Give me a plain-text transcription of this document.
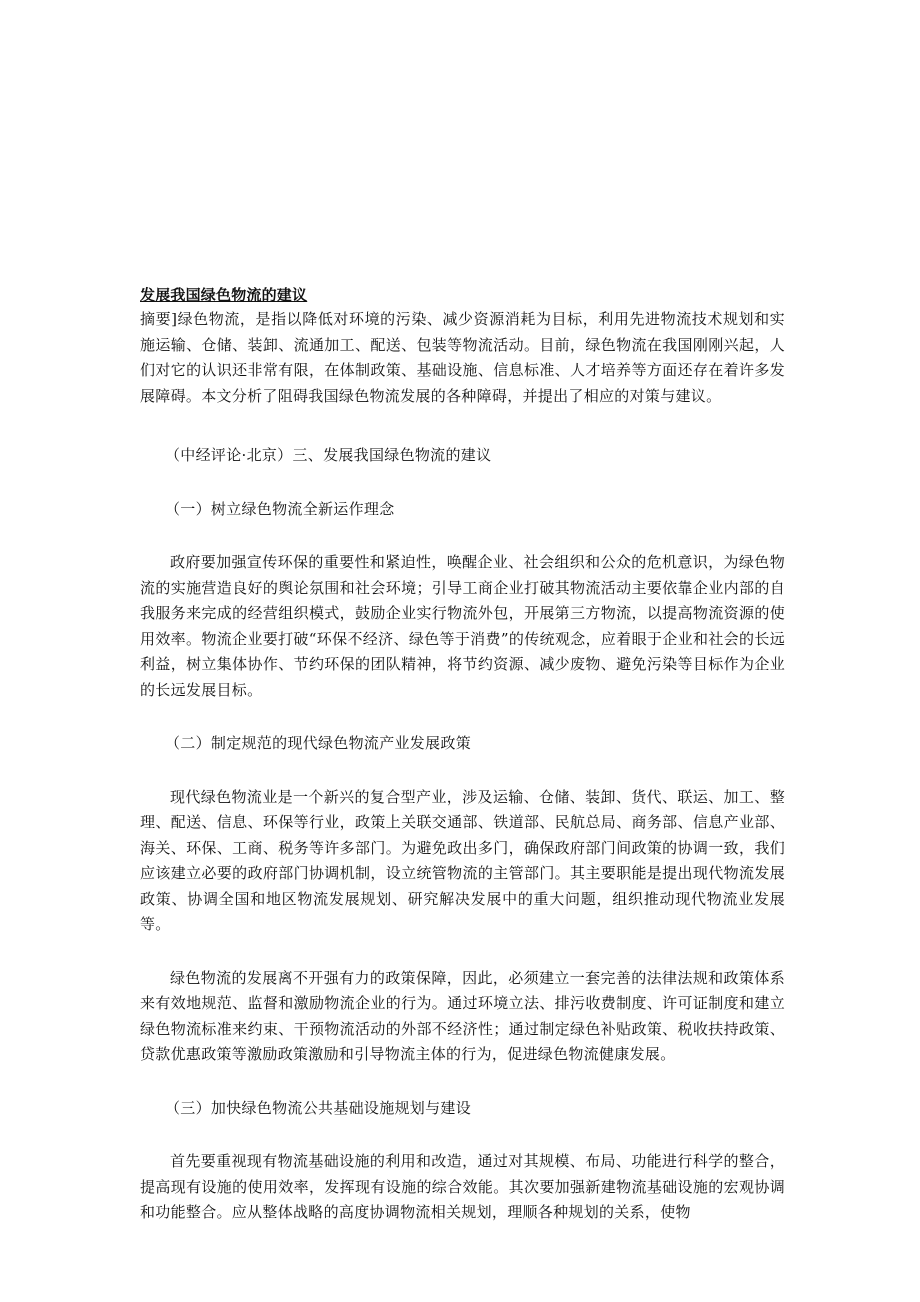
发展我国绿色物流的建议

摘要]绿色物流，是指以降低对环境的污染、减少资源消耗为目标，利用先进物流技术规划和实施运输、仓储、装卸、流通加工、配送、包装等物流活动。目前，绿色物流在我国刚刚兴起，人们对它的认识还非常有限，在体制政策、基础设施、信息标准、人才培养等方面还存在着许多发展障碍。本文分析了阻碍我国绿色物流发展的各种障碍，并提出了相应的对策与建议。

（中经评论·北京）三、发展我国绿色物流的建议

（一）树立绿色物流全新运作理念

政府要加强宣传环保的重要性和紧迫性，唤醒企业、社会组织和公众的危机意识，为绿色物流的实施营造良好的舆论氛围和社会环境；引导工商企业打破其物流活动主要依靠企业内部的自我服务来完成的经营组织模式，鼓励企业实行物流外包，开展第三方物流，以提高物流资源的使用效率。物流企业要打破“环保不经济、绿色等于消费”的传统观念，应着眼于企业和社会的长远利益，树立集体协作、节约环保的团队精神，将节约资源、减少废物、避免污染等目标作为企业的长远发展目标。

（二）制定规范的现代绿色物流产业发展政策

现代绿色物流业是一个新兴的复合型产业，涉及运输、仓储、装卸、货代、联运、加工、整理、配送、信息、环保等行业，政策上关联交通部、铁道部、民航总局、商务部、信息产业部、海关、环保、工商、税务等许多部门。为避免政出多门，确保政府部门间政策的协调一致，我们应该建立必要的政府部门协调机制，设立统管物流的主管部门。其主要职能是提出现代物流发展政策、协调全国和地区物流发展规划、研究解决发展中的重大问题，组织推动现代物流业发展等。

绿色物流的发展离不开强有力的政策保障，因此，必须建立一套完善的法律法规和政策体系来有效地规范、监督和激励物流企业的行为。通过环境立法、排污收费制度、许可证制度和建立绿色物流标准来约束、干预物流活动的外部不经济性；通过制定绿色补贴政策、税收扶持政策、贷款优惠政策等激励政策激励和引导物流主体的行为，促进绿色物流健康发展。

（三）加快绿色物流公共基础设施规划与建设

首先要重视现有物流基础设施的利用和改造，通过对其规模、布局、功能进行科学的整合，提高现有设施的使用效率，发挥现有设施的综合效能。其次要加强新建物流基础设施的宏观协调和功能整合。应从整体战略的高度协调物流相关规划，理顺各种规划的关系，使物
